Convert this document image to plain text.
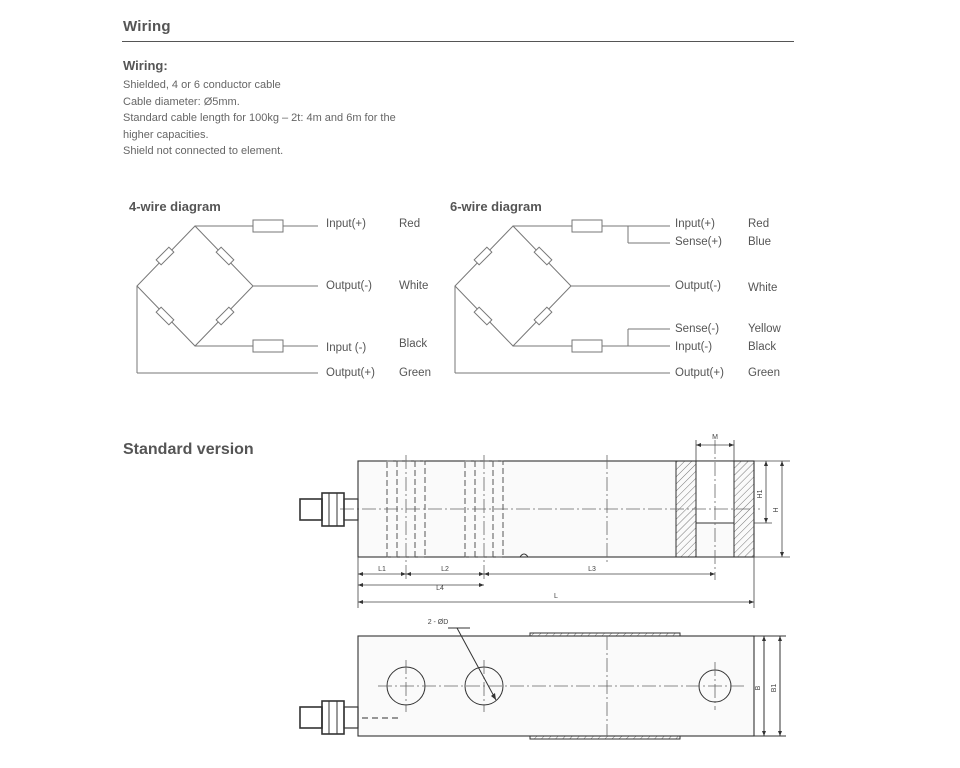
Wiring
Wiring:
Shielded, 4 or 6 conductor cable
Cable diameter: Ø5mm.
Standard cable length for 100kg – 2t: 4m and 6m for the
higher capacities.
Shield not connected to element.
M
H1
H
L1	L2
L4
L3
L
2 - ØD
B B1
4-wire diagram	6-wire diagram
Input(+)	Red
Output(-) White
Input (-)	Black
Output(+) Green
Input(+)	Red
Sense(+) Blue
Output(-) White
Sense(-)	Yellow
Input(-)	Black
Output(+) Green
Standard version
